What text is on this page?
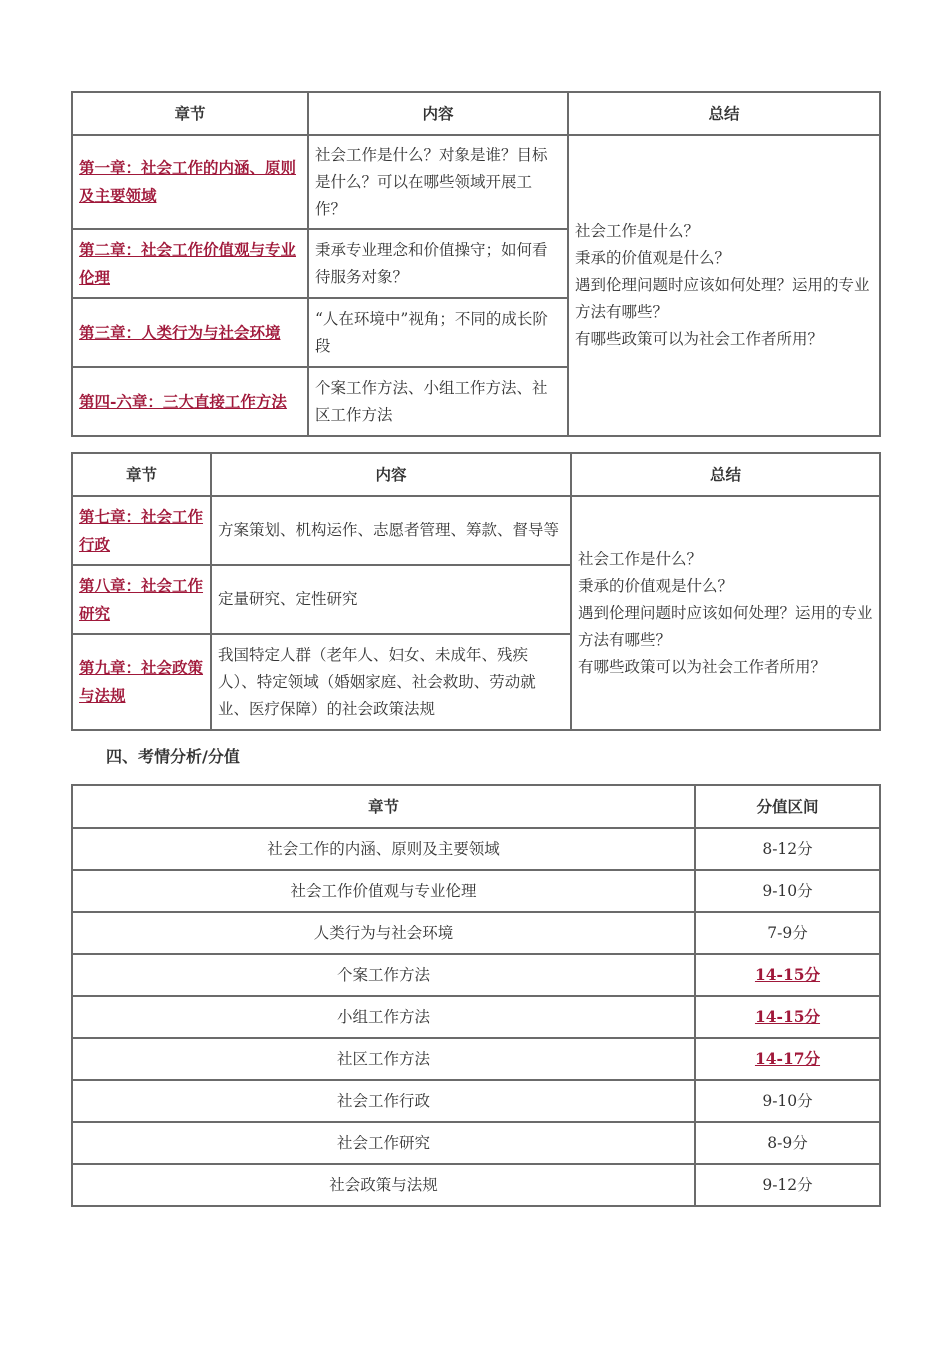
章节	内容	总结
第一章：社会工作的内涵、原则及主要领域	社会工作是什么？对象是谁？目标是什么？可以在哪些领域开展工作？	社会工作是什么？
秉承的价值观是什么？
遇到伦理问题时应该如何处理？运用的专业方法有哪些？
有哪些政策可以为社会工作者所用？
第二章：社会工作价值观与专业伦理	秉承专业理念和价值操守；如何看待服务对象？	
第三章：人类行为与社会环境	“人在环境中”视角；不同的成长阶段	
第四-六章：三大直接工作方法	个案工作方法、小组工作方法、社区工作方法	
章节	内容	总结
第七章：社会工作行政	方案策划、机构运作、志愿者管理、筹款、督导等	社会工作是什么？
秉承的价值观是什么？
遇到伦理问题时应该如何处理？运用的专业方法有哪些？
有哪些政策可以为社会工作者所用？
第八章：社会工作研究	定量研究、定性研究	
第九章：社会政策与法规	我国特定人群（老年人、妇女、未成年、残疾人）、特定领域（婚姻家庭、社会救助、劳动就业、医疗保障）的社会政策法规	
四、考情分析/分值
章节	分值区间
社会工作的内涵、原则及主要领域	8-12分
社会工作价值观与专业伦理	9-10分
人类行为与社会环境	7-9分
个案工作方法	14-15分
小组工作方法	14-15分
社区工作方法	14-17分
社会工作行政	9-10分
社会工作研究	8-9分
社会政策与法规	9-12分
